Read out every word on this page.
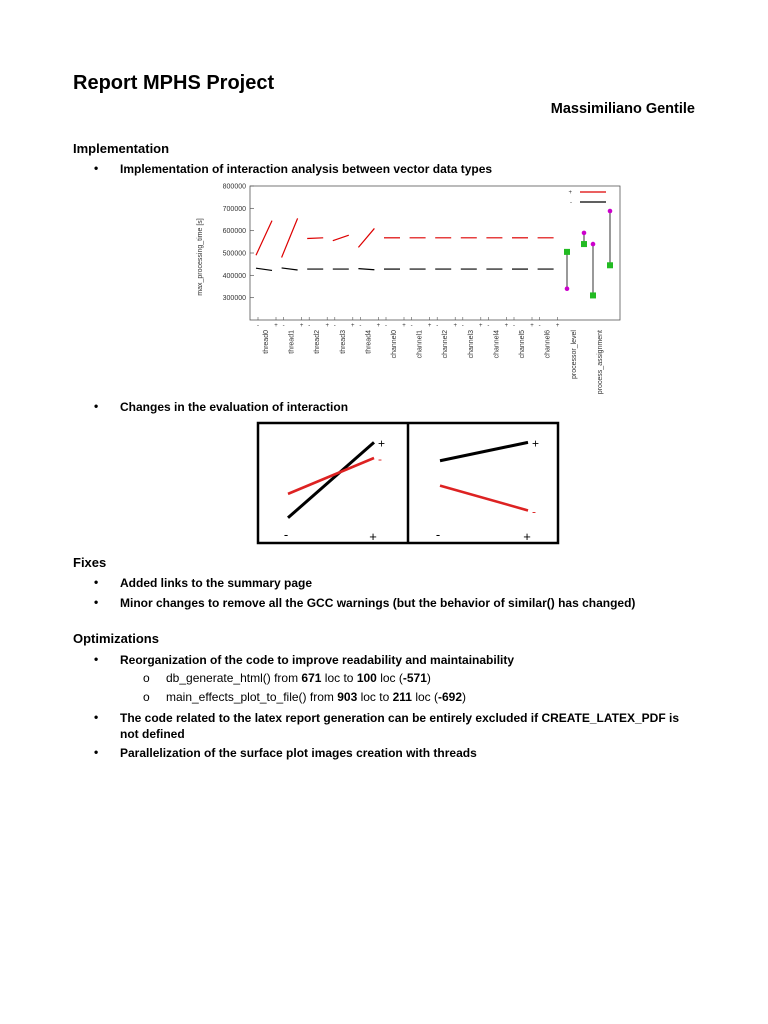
Report MPHS Project
Massimiliano Gentile
Implementation
• Implementation of interaction analysis between vector data types
800000
700000
600000
500000
400000
300000
-	+
thread0
-	+
thread1
-	+
thread2
-	+
thread3
-	+
thread4
-	+
channel0
-	+
channel1
-	+
channel2
-	+
channel3
-	+
channel4
-	+
channel5
-	+
channel6	processor_level	process_assignment
+
-
max_processing_time [s]
• Changes in the evaluation of interaction
+
-
-	+
+
-
-	+
Fixes
• Added links to the summary page
• Minor changes to remove all the GCC warnings (but the behavior of similar() has changed)
Optimizations
• Reorganization of the code to improve readability and maintainability
o db_generate_html() from 671 loc to 100 loc (-571)
o main_effects_plot_to_file() from 903 loc to 211 loc (-692)
• The code related to the latex report generation can be entirely excluded if CREATE_LATEX_PDF is
not defined
• Parallelization of the surface plot images creation with threads
